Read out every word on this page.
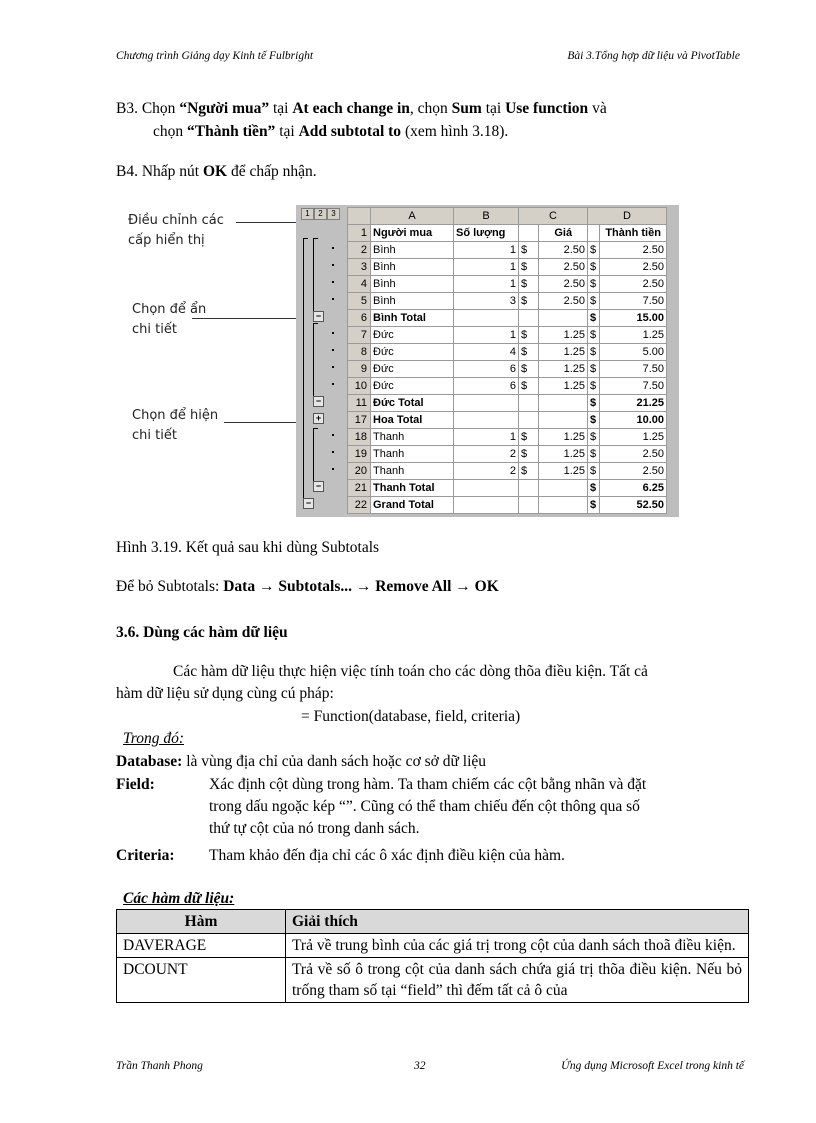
Chương trình Giảng dạy Kinh tế Fulbright	Bài 3.Tổng hợp dữ liệu và PivotTable
B3. Chọn “Người mua” tại At each change in, chọn Sum tại Use function và
chọn “Thành tiền” tại Add subtotal to (xem hình 3.18).
B4. Nhấp nút OK để chấp nhận.
Điều chỉnh các
cấp hiển thị
Chọn để ẩn
chi tiết
Chọn để hiện
chi tiết
1	2	3
−
−
+
−
−
	A	B	C		D	
1	Người mua	Số lượng		Giá		Thành tiền
2	Bình	1	$	2.50	$	2.50
3	Bình	1	$	2.50	$	2.50
4	Bình	1	$	2.50	$	2.50
5	Bình	3	$	2.50	$	7.50
6	Bình Total				$	15.00
7	Đức	1	$	1.25	$	1.25
8	Đức	4	$	1.25	$	5.00
9	Đức	6	$	1.25	$	7.50
10	Đức	6	$	1.25	$	7.50
11	Đức Total				$	21.25
17	Hoa Total				$	10.00
18	Thanh	1	$	1.25	$	1.25
19	Thanh	2	$	1.25	$	2.50
20	Thanh	2	$	1.25	$	2.50
21	Thanh Total				$	6.25
22	Grand Total				$	52.50
Hình 3.19. Kết quả sau khi dùng Subtotals
Để bỏ Subtotals: Data → Subtotals... → Remove All → OK
3.6. Dùng các hàm dữ liệu
Các hàm dữ liệu thực hiện việc tính toán cho các dòng thõa điều kiện. Tất cả
hàm dữ liệu sử dụng cùng cú pháp:
= Function(database, field, criteria)
Trong đó:
Database: là vùng địa chỉ của danh sách hoặc cơ sở dữ liệu
Field:	Xác định cột dùng trong hàm. Ta tham chiếm các cột bằng nhãn và đặt
trong dấu ngoặc kép “”. Cũng có thể tham chiếu đến cột thông qua số
thứ tự cột của nó trong danh sách.
Criteria: Tham khảo đến địa chỉ các ô xác định điều kiện của hàm.
Các hàm dữ liệu:
Hàm	Giải thích
DAVERAGE	Trả về trung bình của các giá trị trong cột của danh sách thoã điều kiện.
DCOUNT	Trả về số ô trong cột của danh sách chứa giá trị thõa điều kiện. Nếu bỏ trống tham số tại “field” thì đếm tất cả ô của
Trần Thanh Phong	32	Ứng dụng Microsoft Excel trong kinh tế
